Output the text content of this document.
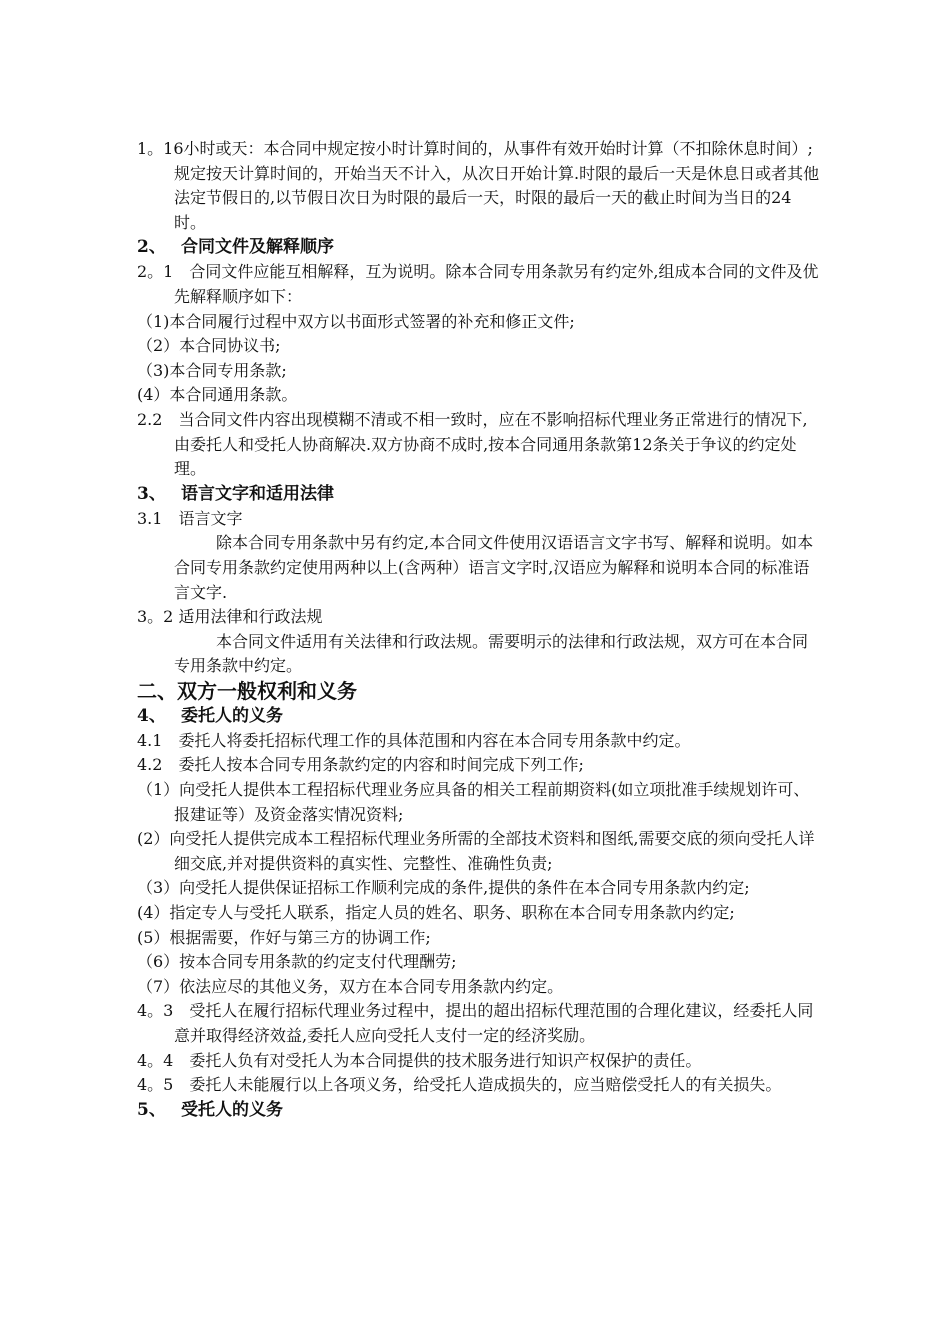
1。16小时或天：本合同中规定按小时计算时间的，从事件有效开始时计算（不扣除休息时间）;规定按天计算时间的，开始当天不计入，从次日开始计算.时限的最后一天是休息日或者其他法定节假日的,以节假日次日为时限的最后一天，时限的最后一天的截止时间为当日的24时。

2、 合同文件及解释顺序

2。1　合同文件应能互相解释，互为说明。除本合同专用条款另有约定外,组成本合同的文件及优先解释顺序如下：

（1)本合同履行过程中双方以书面形式签署的补充和修正文件;

（2）本合同协议书;

（3)本合同专用条款;

(4）本合同通用条款。

2.2　当合同文件内容出现模糊不清或不相一致时，应在不影响招标代理业务正常进行的情况下,由委托人和受托人协商解决.双方协商不成时,按本合同通用条款第12条关于争议的约定处理。

3、 语言文字和适用法律

3.1　语言文字

除本合同专用条款中另有约定,本合同文件使用汉语语言文字书写、解释和说明。如本合同专用条款约定使用两种以上(含两种）语言文字时,汉语应为解释和说明本合同的标准语言文字.

3。2 适用法律和行政法规

本合同文件适用有关法律和行政法规。需要明示的法律和行政法规，双方可在本合同专用条款中约定。

二、双方一般权利和义务

4、 委托人的义务

4.1　委托人将委托招标代理工作的具体范围和内容在本合同专用条款中约定。

4.2　委托人按本合同专用条款约定的内容和时间完成下列工作;

（1）向受托人提供本工程招标代理业务应具备的相关工程前期资料(如立项批准手续规划许可、报建证等）及资金落实情况资料;

(2）向受托人提供完成本工程招标代理业务所需的全部技术资料和图纸,需要交底的须向受托人详细交底,并对提供资料的真实性、完整性、准确性负责;

（3）向受托人提供保证招标工作顺利完成的条件,提供的条件在本合同专用条款内约定;

(4）指定专人与受托人联系，指定人员的姓名、职务、职称在本合同专用条款内约定;

(5）根据需要，作好与第三方的协调工作;

（6）按本合同专用条款的约定支付代理酬劳;

（7）依法应尽的其他义务，双方在本合同专用条款内约定。

4。3　受托人在履行招标代理业务过程中，提出的超出招标代理范围的合理化建议，经委托人同意并取得经济效益,委托人应向受托人支付一定的经济奖励。

4。4　委托人负有对受托人为本合同提供的技术服务进行知识产权保护的责任。

4。5　委托人未能履行以上各项义务，给受托人造成损失的，应当赔偿受托人的有关损失。

5、 受托人的义务
